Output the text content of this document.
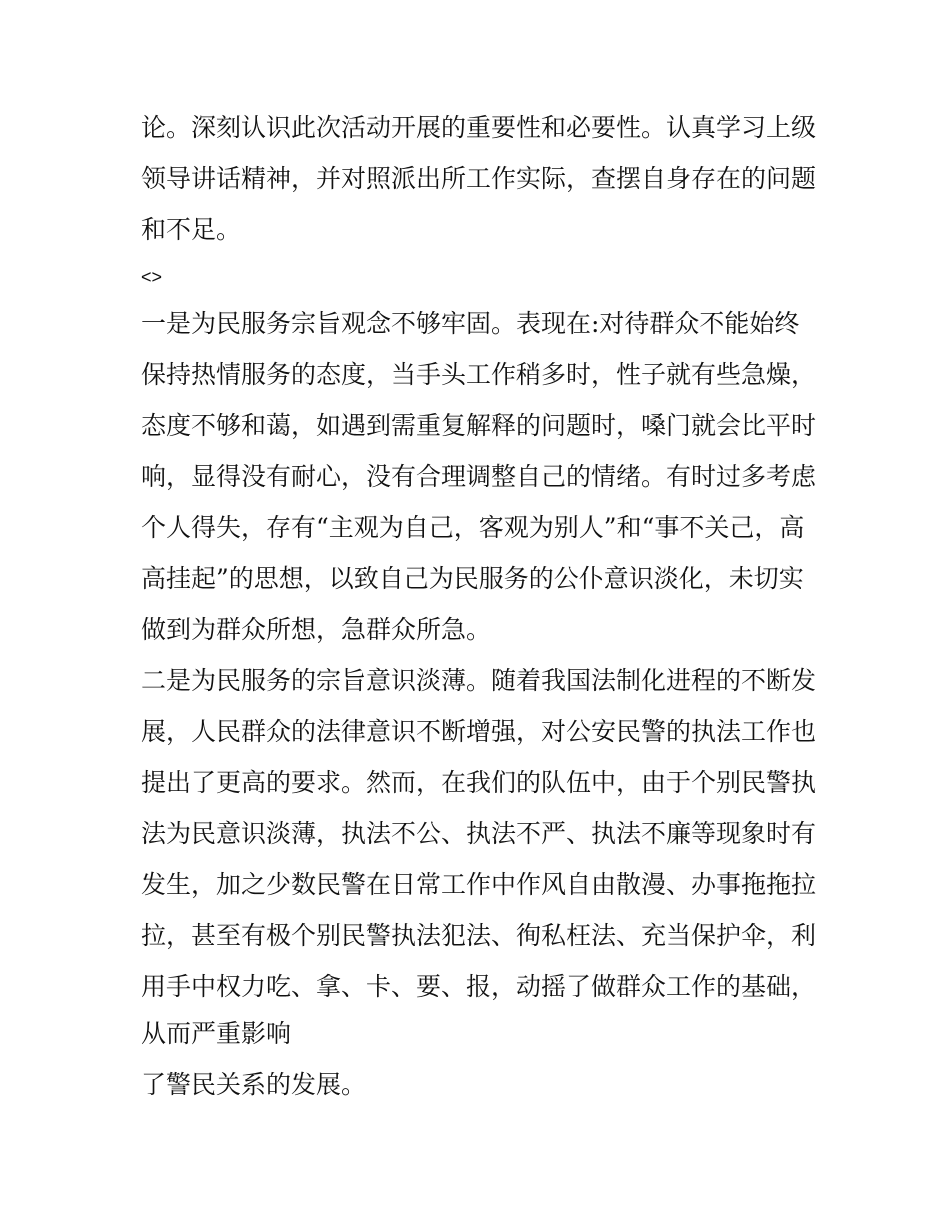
论。深刻认识此次活动开展的重要性和必要性。认真学习上级
领导讲话精神，并对照派出所工作实际，查摆自身存在的问题
和不足。
<>
一是为民服务宗旨观念不够牢固。表现在:对待群众不能始终
保持热情服务的态度，当手头工作稍多时，性子就有些急燥，
态度不够和蔼，如遇到需重复解释的问题时，嗓门就会比平时
响，显得没有耐心，没有合理调整自己的情绪。有时过多考虑
个人得失，存有“主观为自己，客观为别人”和“事不关己，高
高挂起”的思想，以致自己为民服务的公仆意识淡化，未切实
做到为群众所想，急群众所急。
二是为民服务的宗旨意识淡薄。随着我国法制化进程的不断发
展，人民群众的法律意识不断增强，对公安民警的执法工作也
提出了更高的要求。然而，在我们的队伍中，由于个别民警执
法为民意识淡薄，执法不公、执法不严、执法不廉等现象时有
发生，加之少数民警在日常工作中作风自由散漫、办事拖拖拉
拉，甚至有极个别民警执法犯法、徇私枉法、充当保护伞，利
用手中权力吃、拿、卡、要、报，动摇了做群众工作的基础，
从而严重影响
了警民关系的发展。
